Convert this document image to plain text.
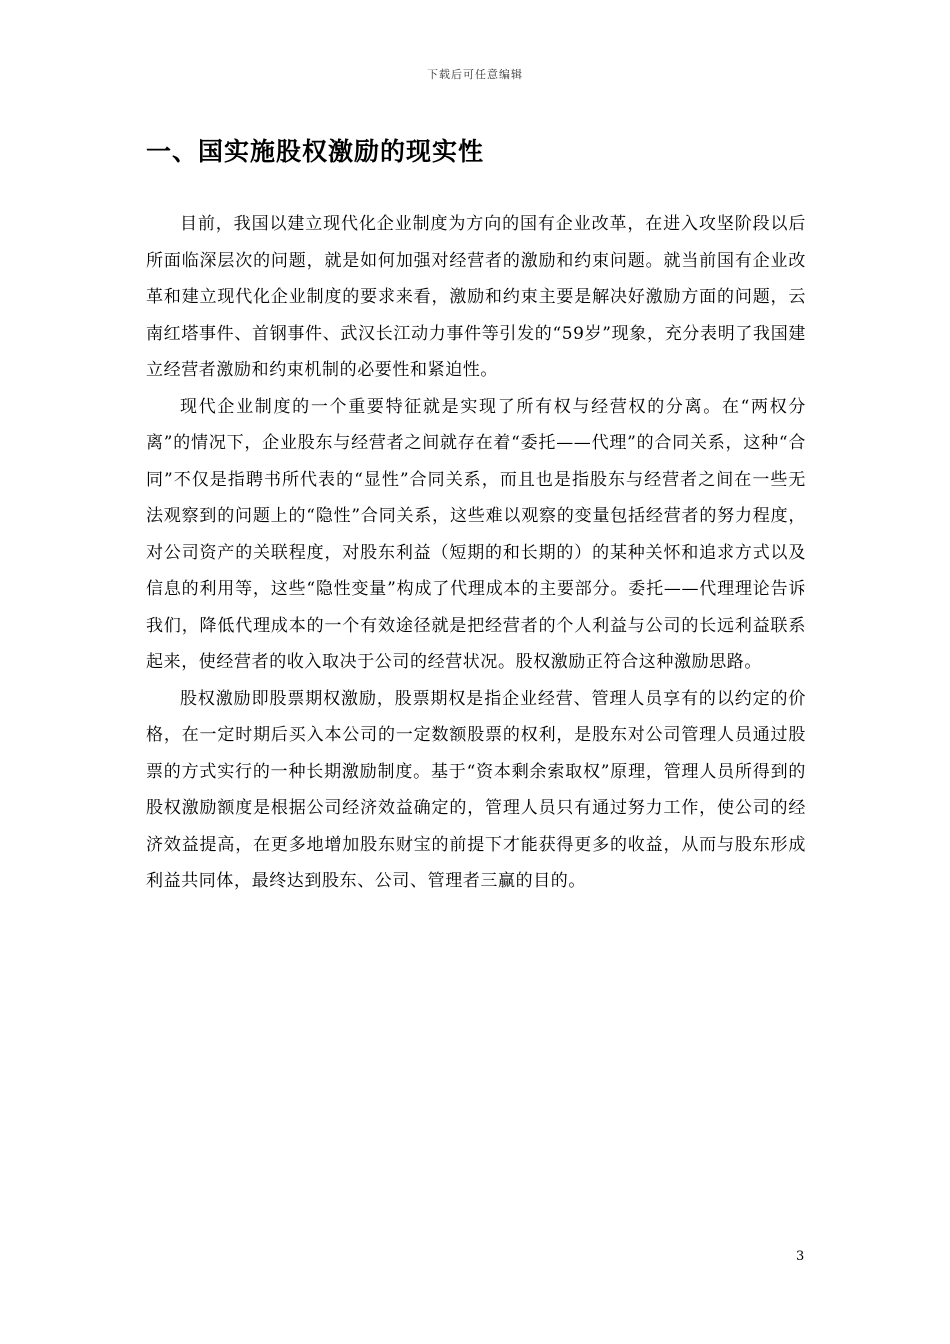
下载后可任意编辑
一、国实施股权激励的现实性

目前，我国以建立现代化企业制度为方向的国有企业改革，在进入攻坚阶段以后所面临深层次的问题，就是如何加强对经营者的激励和约束问题。就当前国有企业改革和建立现代化企业制度的要求来看，激励和约束主要是解决好激励方面的问题，云南红塔事件、首钢事件、武汉长江动力事件等引发的“59岁”现象，充分表明了我国建立经营者激励和约束机制的必要性和紧迫性。

现代企业制度的一个重要特征就是实现了所有权与经营权的分离。在“两权分离”的情况下，企业股东与经营者之间就存在着“委托——代理”的合同关系，这种“合同”不仅是指聘书所代表的“显性”合同关系，而且也是指股东与经营者之间在一些无法观察到的问题上的“隐性”合同关系，这些难以观察的变量包括经营者的努力程度，对公司资产的关联程度，对股东利益（短期的和长期的）的某种关怀和追求方式以及信息的利用等，这些“隐性变量”构成了代理成本的主要部分。委托——代理理论告诉我们，降低代理成本的一个有效途径就是把经营者的个人利益与公司的长远利益联系起来，使经营者的收入取决于公司的经营状况。股权激励正符合这种激励思路。

股权激励即股票期权激励，股票期权是指企业经营、管理人员享有的以约定的价格，在一定时期后买入本公司的一定数额股票的权利，是股东对公司管理人员通过股票的方式实行的一种长期激励制度。基于“资本剩余索取权”原理，管理人员所得到的股权激励额度是根据公司经济效益确定的，管理人员只有通过努力工作，使公司的经济效益提高，在更多地增加股东财宝的前提下才能获得更多的收益，从而与股东形成利益共同体，最终达到股东、公司、管理者三赢的目的。

3
